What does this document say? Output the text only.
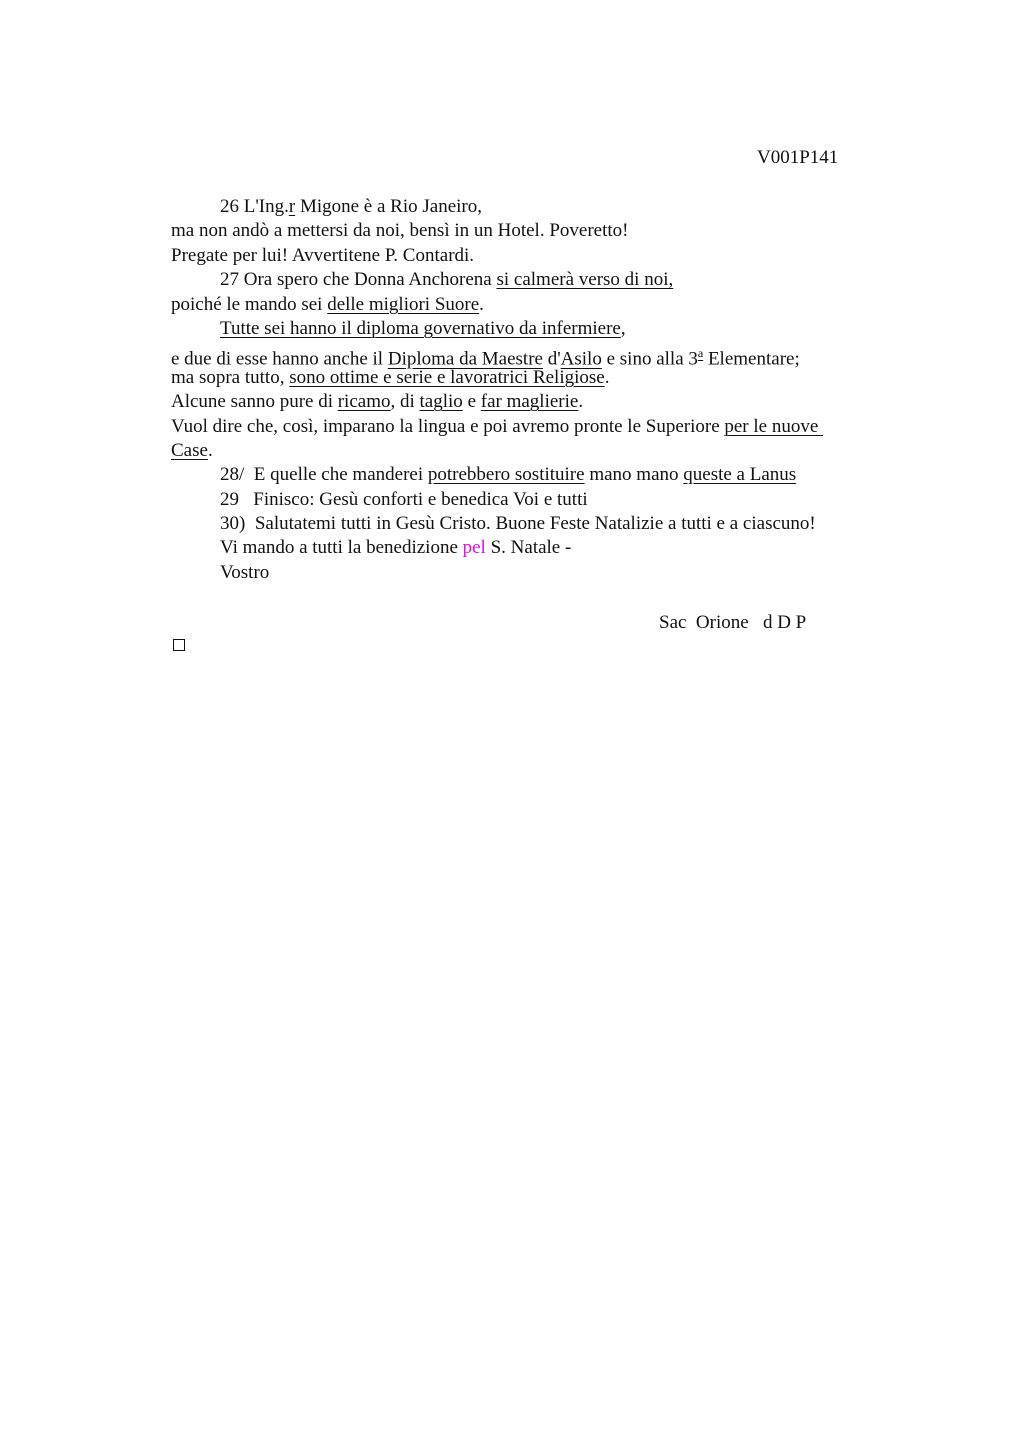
V001P141
26 L'Ing.r Migone è a Rio Janeiro,
ma non andò a mettersi da noi, bensì in un Hotel. Poveretto!
Pregate per lui! Avvertitene P. Contardi.
27 Ora spero che Donna Anchorena si calmerà verso di noi,
poiché le mando sei delle migliori Suore.
Tutte sei hanno il diploma governativo da infermiere,
e due di esse hanno anche il Diploma da Maestre d'Asilo e sino alla 3$^a$ Elementare;
ma sopra tutto, sono ottime e serie e lavoratrici Religiose.
Alcune sanno pure di ricamo, di taglio e far maglierie.
Vuol dire che, così, imparano la lingua e poi avremo pronte le Superiore per le nuove
Case.
28/  E quelle che manderei potrebbero sostituire mano mano queste a Lanus
29   Finisco: Gesù conforti e benedica Voi e tutti
30)  Salutatemi tutti in Gesù Cristo. Buone Feste Natalizie a tutti e a ciascuno!
Vi mando a tutti la benedizione pel S. Natale -
Vostro
Sac  Orione   d D P
